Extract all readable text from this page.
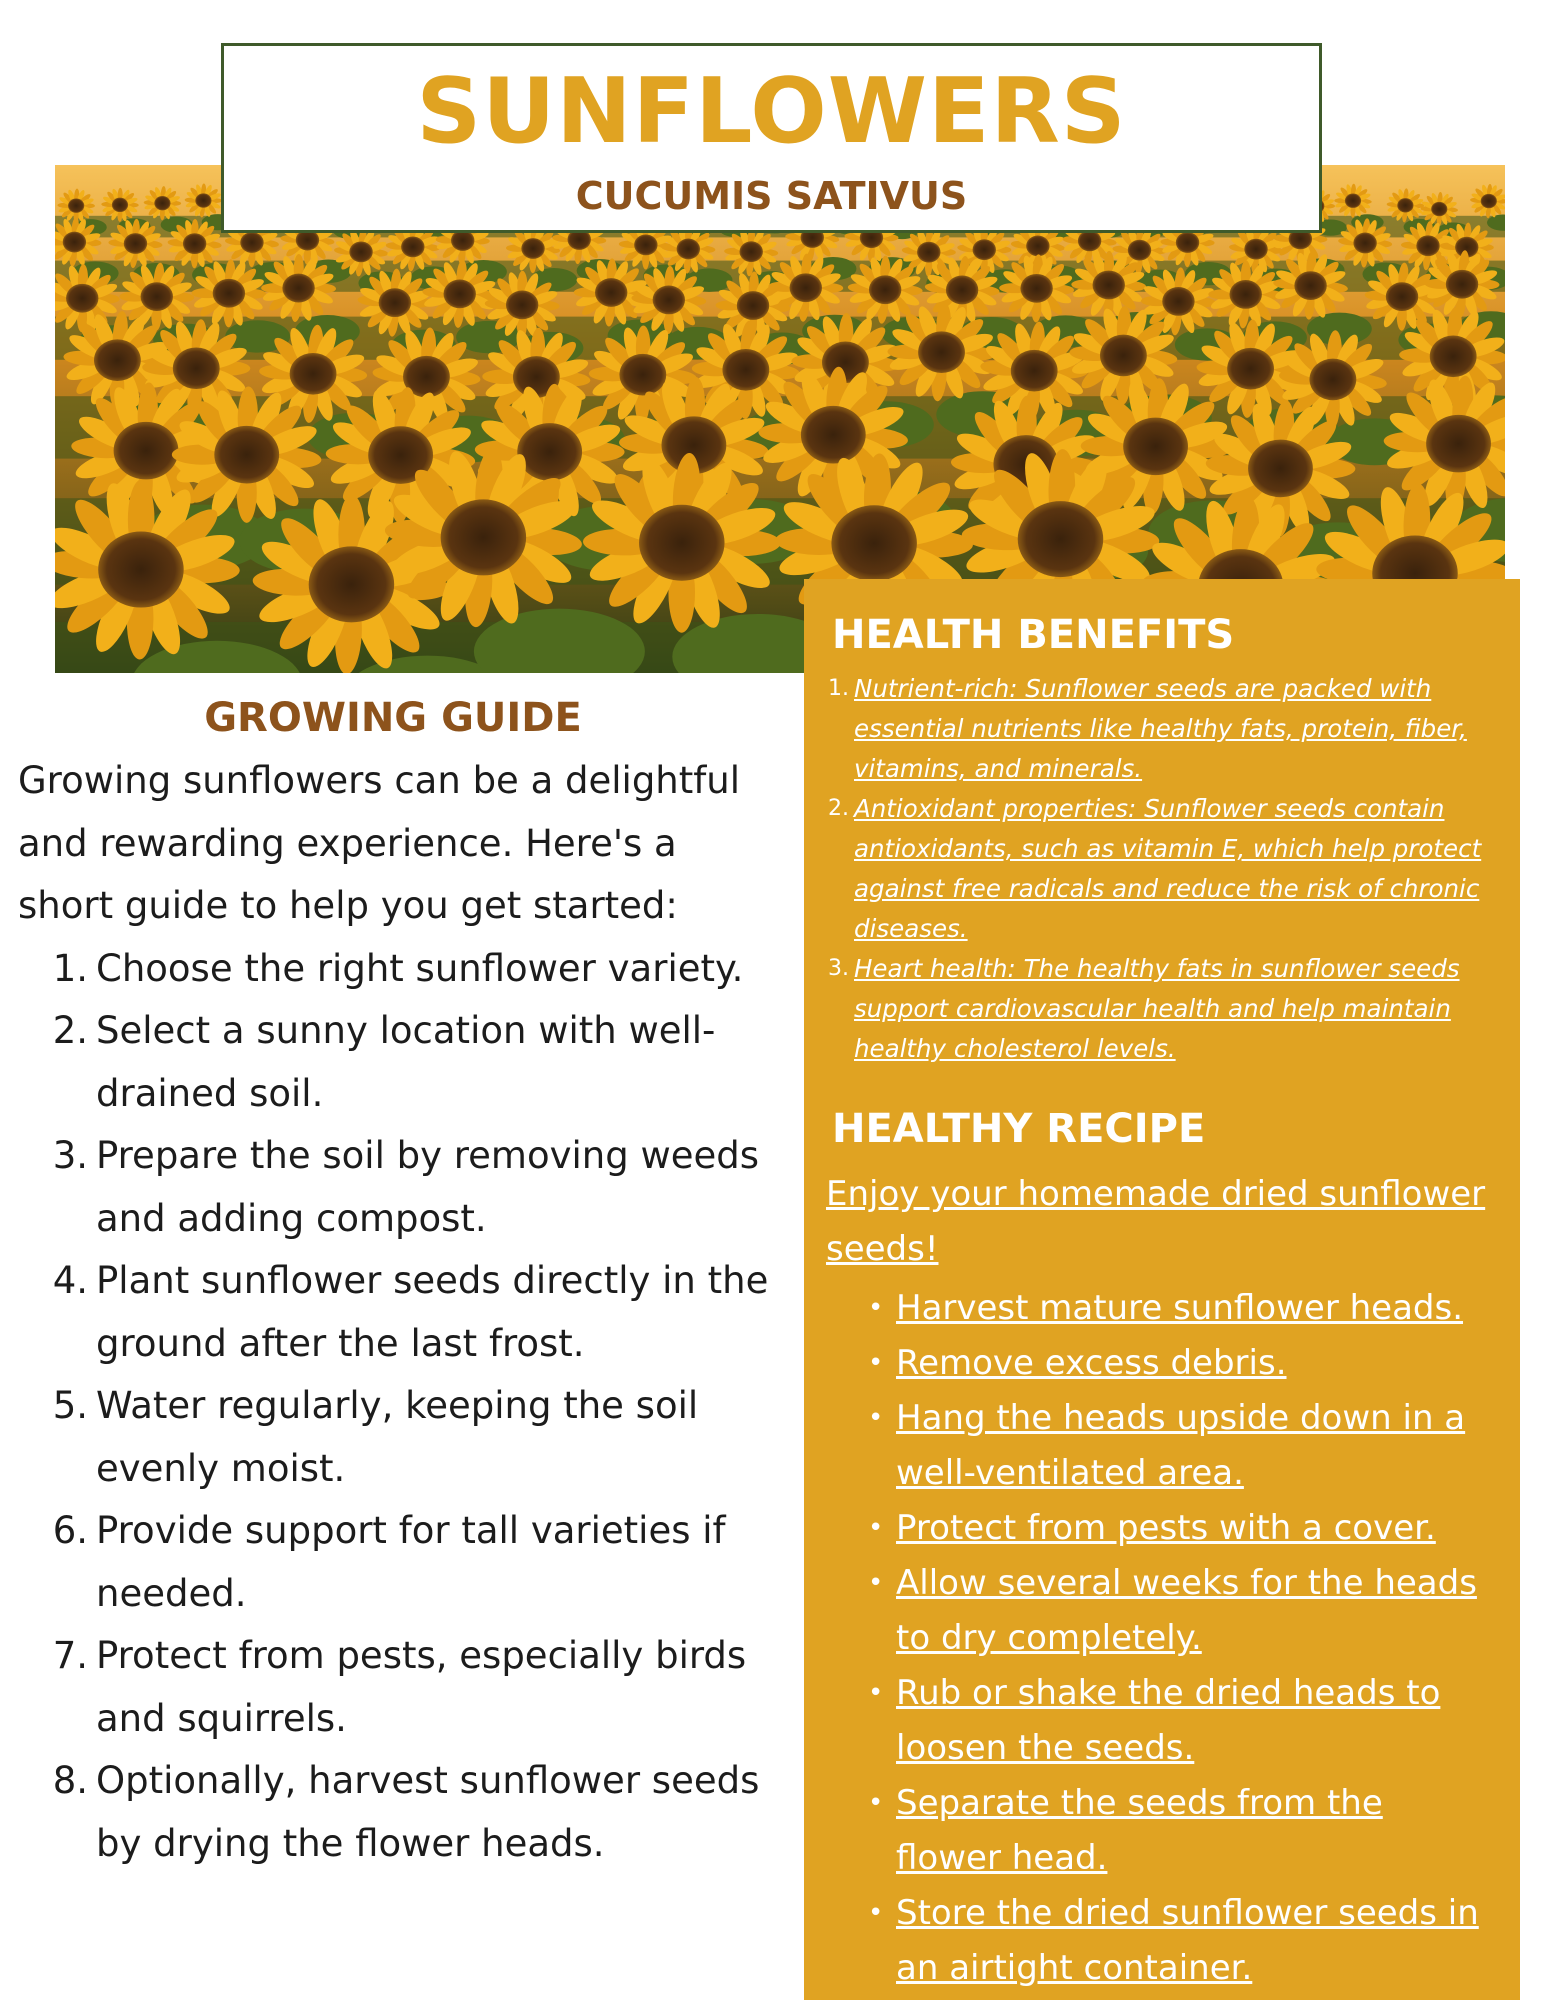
SUNFLOWERS
CUCUMIS SATIVUS
GROWING GUIDE

Growing sunflowers can be a delightful and rewarding experience. Here's a short guide to help you get started:

1. Choose the right sunflower variety.
2. Select a sunny location with well-drained soil.
3. Prepare the soil by removing weeds and adding compost.
4. Plant sunflower seeds directly in the ground after the last frost.
5. Water regularly, keeping the soil evenly moist.
6. Provide support for tall varieties if needed.
7. Protect from pests, especially birds and squirrels.
8. Optionally, harvest sunflower seeds by drying the flower heads.
HEALTH BENEFITS
1. Nutrient-rich: Sunflower seeds are packed with essential nutrients like healthy fats, protein, fiber, vitamins, and minerals.
2. Antioxidant properties: Sunflower seeds contain antioxidants, such as vitamin E, which help protect against free radicals and reduce the risk of chronic diseases.
3. Heart health: The healthy fats in sunflower seeds support cardiovascular health and help maintain healthy cholesterol levels.
HEALTHY RECIPE
Enjoy your homemade dried sunflower seeds!
• Harvest mature sunflower heads.
• Remove excess debris.
• Hang the heads upside down in a well-ventilated area.
• Protect from pests with a cover.
• Allow several weeks for the heads to dry completely.
• Rub or shake the dried heads to loosen the seeds.
• Separate the seeds from the flower head.
• Store the dried sunflower seeds in an airtight container.
